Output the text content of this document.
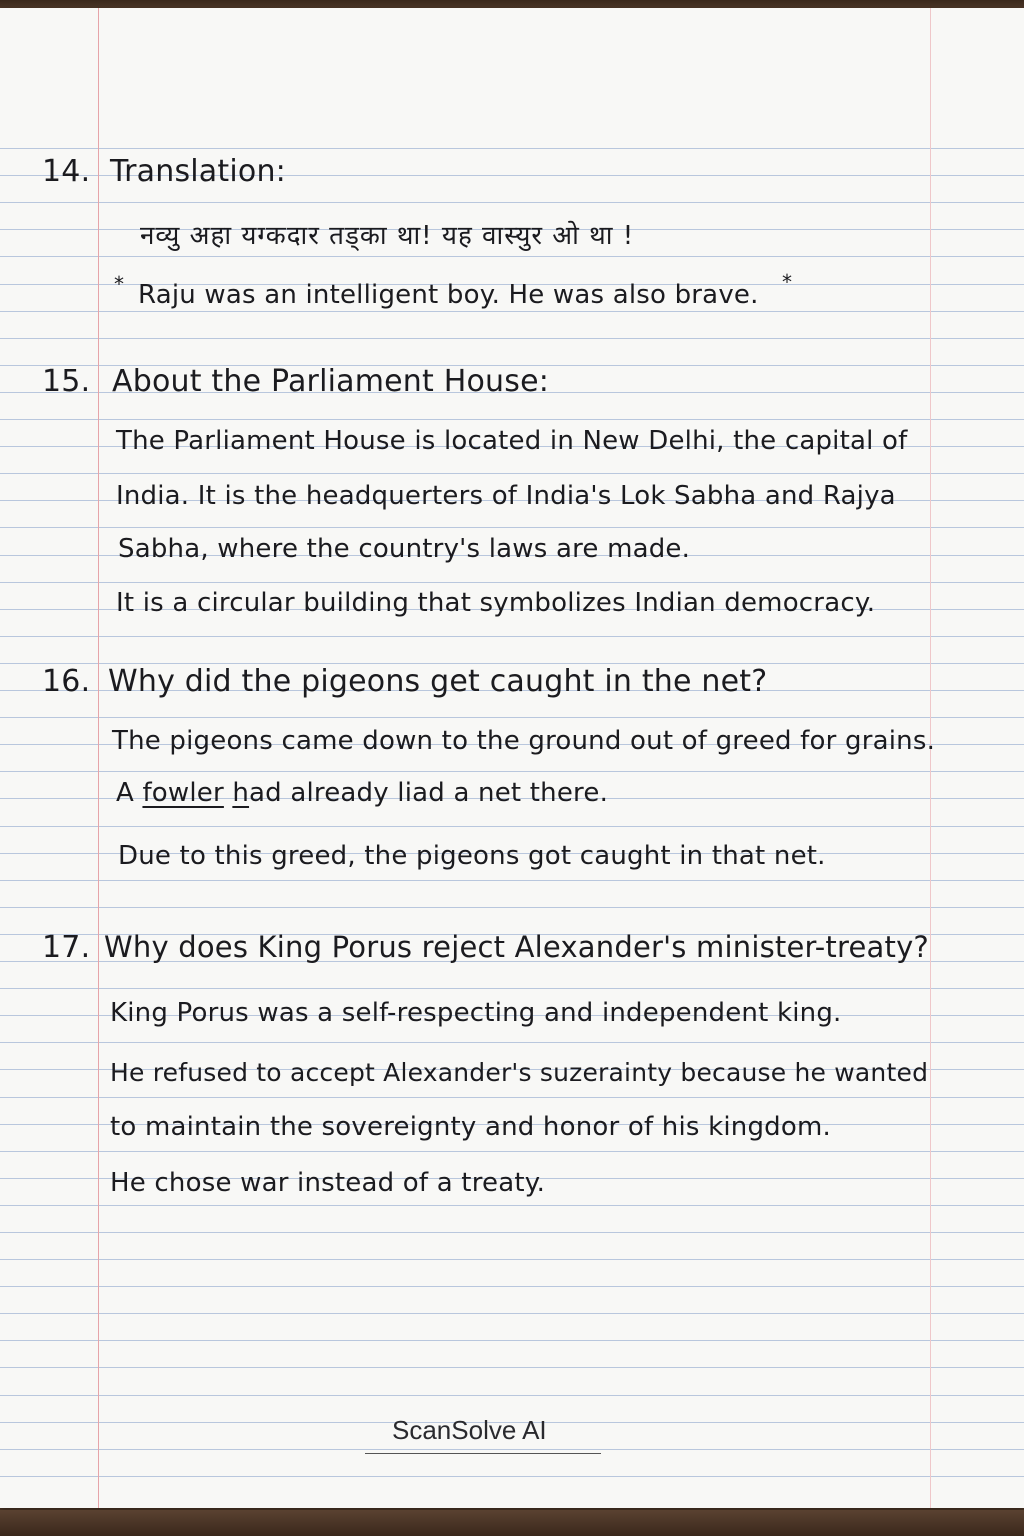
14. Translation:
नव्यु अहा यग्कदार तड्का था! यह वास्युर ओ था !
* Raju was an intelligent boy. He was also brave. *
15. About the Parliament House:
The Parliament House is located in New Delhi, the capital of
India. It is the headquerters of India's Lok Sabha and Rajya
Sabha, where the country's laws are made.
It is a circular building that symbolizes Indian democracy.
16. Why did the pigeons get caught in the net?
The pigeons came down to the ground out of greed for grains.
A fowler had already liad a net there.
Due to this greed, the pigeons got caught in that net.
17. Why does King Porus reject Alexander's minister-treaty?
King Porus was a self-respecting and independent king.
He refused to accept Alexander's suzerainty because he wanted
to maintain the sovereignty and honor of his kingdom.
He chose war instead of a treaty.
ScanSolve AI
